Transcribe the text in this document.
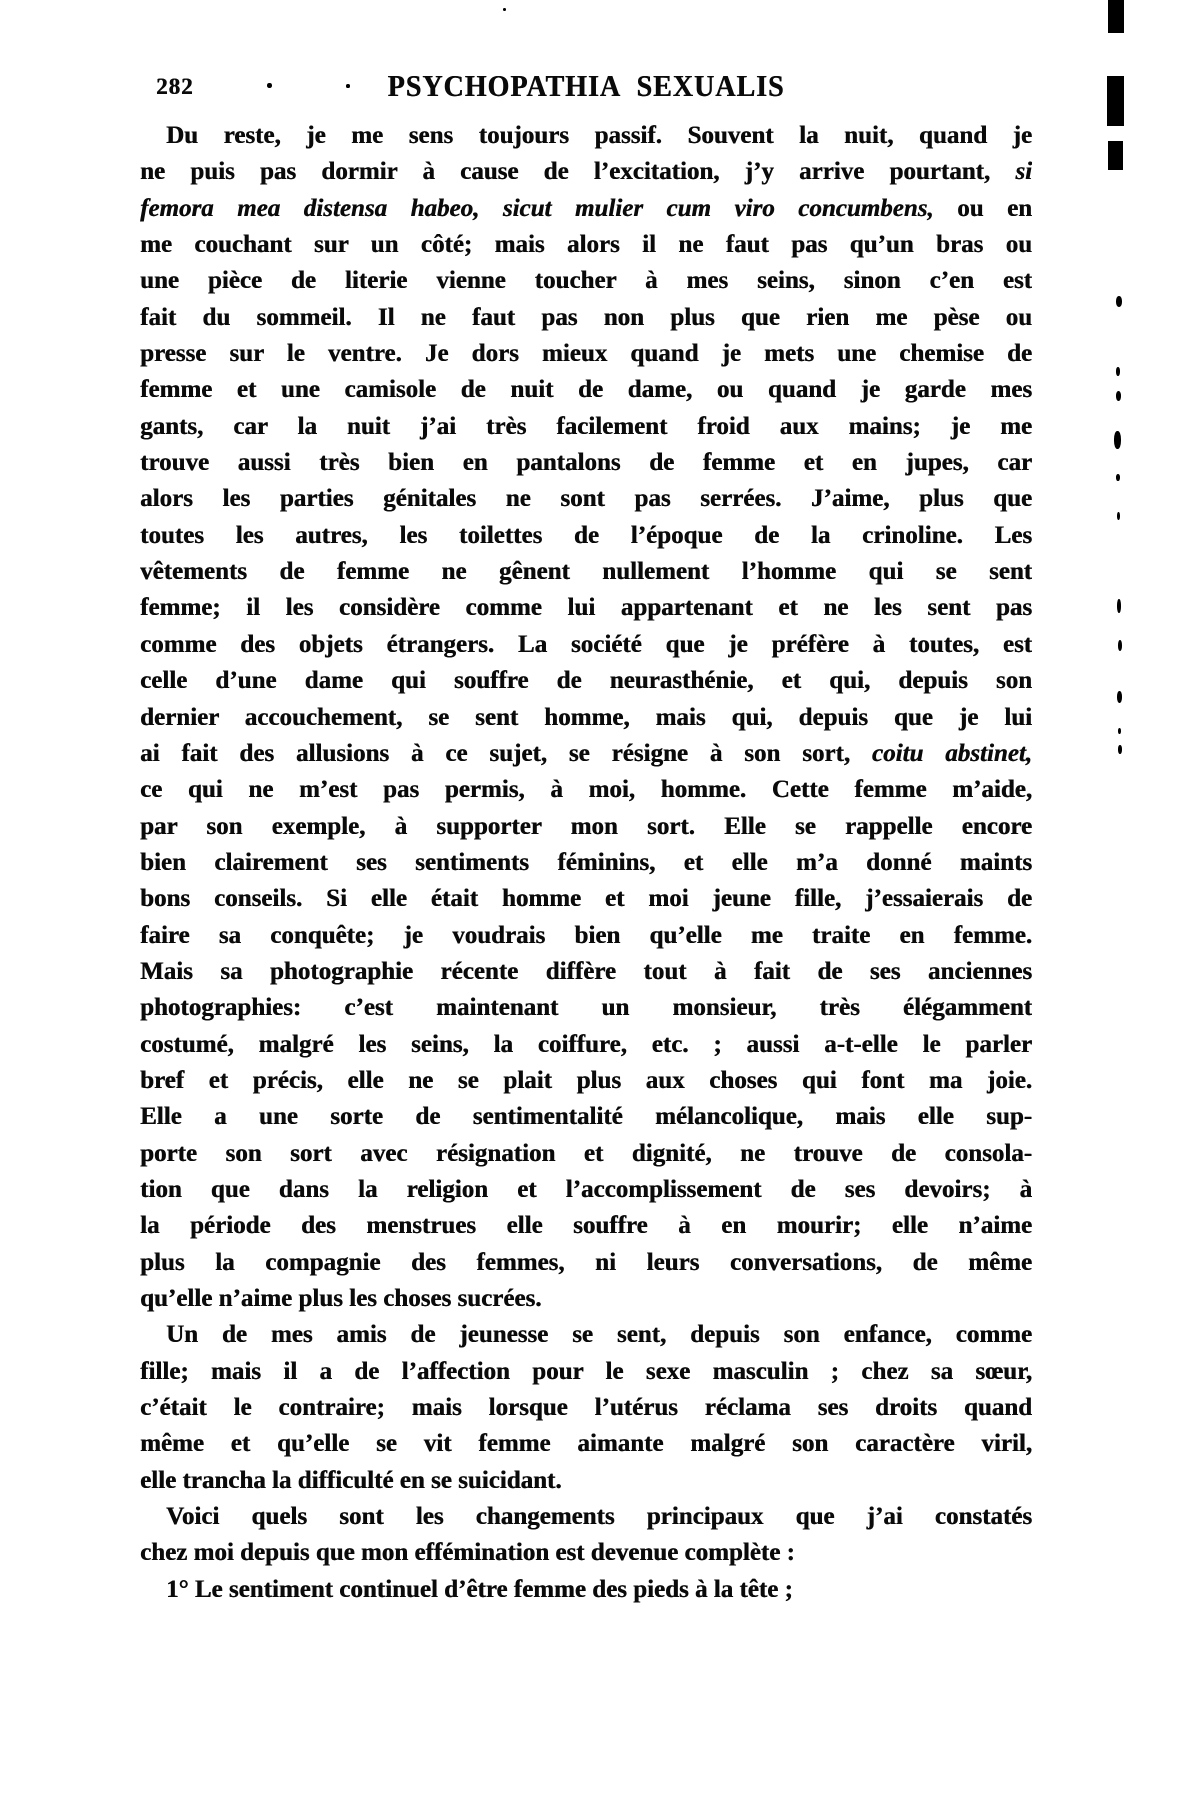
282	PSYCHOPATHIA SEXUALIS
Du reste, je me sens toujours passif. Souvent la nuit, quand je
ne puis pas dormir à cause de l’excitation, j’y arrive pourtant, si
femora mea distensa habeo, sicut mulier cum viro concumbens, ou en
me couchant sur un côté; mais alors il ne faut pas qu’un bras ou
une pièce de literie vienne toucher à mes seins, sinon c’en est
fait du sommeil. Il ne faut pas non plus que rien me pèse ou
presse sur le ventre. Je dors mieux quand je mets une chemise de
femme et une camisole de nuit de dame, ou quand je garde mes
gants, car la nuit j’ai très facilement froid aux mains; je me
trouve aussi très bien en pantalons de femme et en jupes, car
alors les parties génitales ne sont pas serrées. J’aime, plus que
toutes les autres, les toilettes de l’époque de la crinoline. Les
vêtements de femme ne gênent nullement l’homme qui se sent
femme; il les considère comme lui appartenant et ne les sent pas
comme des objets étrangers. La société que je préfère à toutes, est
celle d’une dame qui souffre de neurasthénie, et qui, depuis son
dernier accouchement, se sent homme, mais qui, depuis que je lui
ai fait des allusions à ce sujet, se résigne à son sort, coitu abstinet,
ce qui ne m’est pas permis, à moi, homme. Cette femme m’aide,
par son exemple, à supporter mon sort. Elle se rappelle encore
bien clairement ses sentiments féminins, et elle m’a donné maints
bons conseils. Si elle était homme et moi jeune fille, j’essaierais de
faire sa conquête; je voudrais bien qu’elle me traite en femme.
Mais sa photographie récente diffère tout à fait de ses anciennes
photographies: c’est maintenant un monsieur, très élégamment
costumé, malgré les seins, la coiffure, etc. ; aussi a-t-elle le parler
bref et précis, elle ne se plait plus aux choses qui font ma joie.
Elle a une sorte de sentimentalité mélancolique, mais elle sup-
porte son sort avec résignation et dignité, ne trouve de consola-
tion que dans la religion et l’accomplissement de ses devoirs; à
la période des menstrues elle souffre à en mourir; elle n’aime
plus la compagnie des femmes, ni leurs conversations, de même
qu’elle n’aime plus les choses sucrées.
Un de mes amis de jeunesse se sent, depuis son enfance, comme
fille; mais il a de l’affection pour le sexe masculin ; chez sa sœur,
c’était le contraire; mais lorsque l’utérus réclama ses droits quand
même et qu’elle se vit femme aimante malgré son caractère viril,
elle trancha la difficulté en se suicidant.
Voici quels sont les changements principaux que j’ai constatés
chez moi depuis que mon effémination est devenue complète :
1° Le sentiment continuel d’être femme des pieds à la tête ;
